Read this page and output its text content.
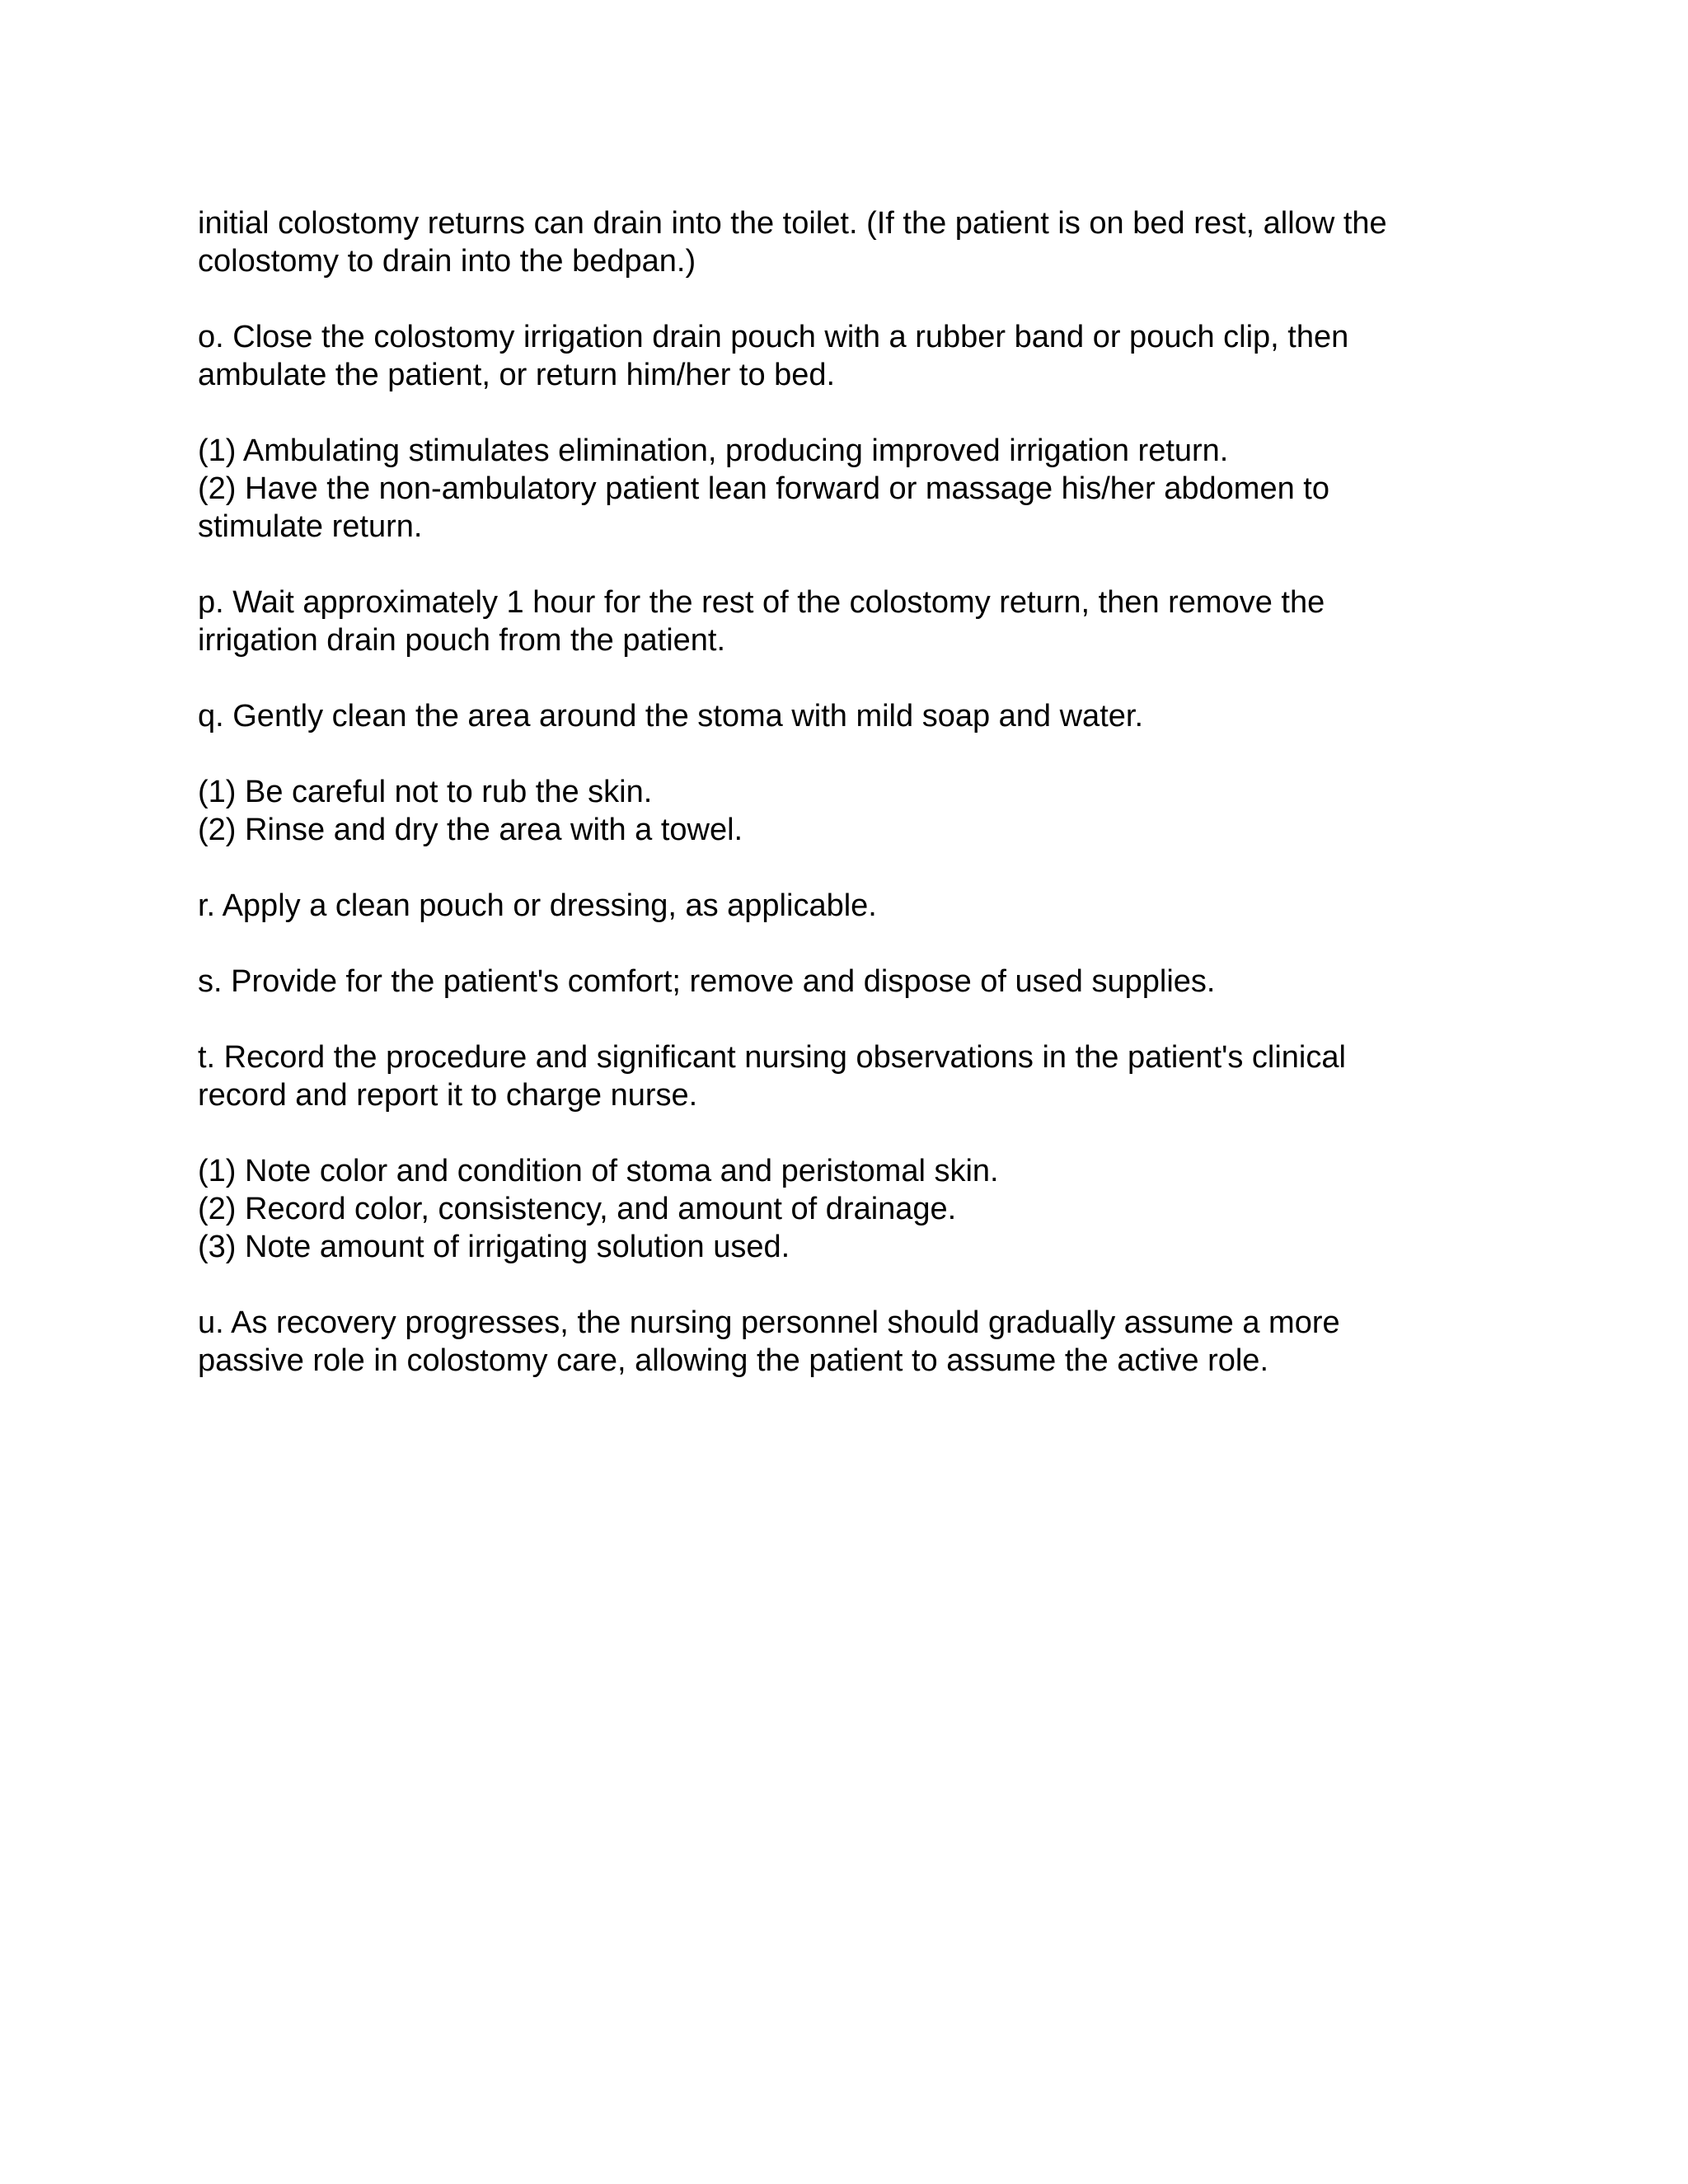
initial colostomy returns can drain into the toilet. (If the patient is on bed rest, allow the
colostomy to drain into the bedpan.)
o. Close the colostomy irrigation drain pouch with a rubber band or pouch clip, then
ambulate the patient, or return him/her to bed.
(1) Ambulating stimulates elimination, producing improved irrigation return.
(2) Have the non-ambulatory patient lean forward or massage his/her abdomen to
stimulate return.
p. Wait approximately 1 hour for the rest of the colostomy return, then remove the
irrigation drain pouch from the patient.
q. Gently clean the area around the stoma with mild soap and water.
(1) Be careful not to rub the skin.
(2) Rinse and dry the area with a towel.
r. Apply a clean pouch or dressing, as applicable.
s. Provide for the patient's comfort; remove and dispose of used supplies.
t. Record the procedure and significant nursing observations in the patient's clinical
record and report it to charge nurse.
(1) Note color and condition of stoma and peristomal skin.
(2) Record color, consistency, and amount of drainage.
(3) Note amount of irrigating solution used.
u. As recovery progresses, the nursing personnel should gradually assume a more
passive role in colostomy care, allowing the patient to assume the active role.
